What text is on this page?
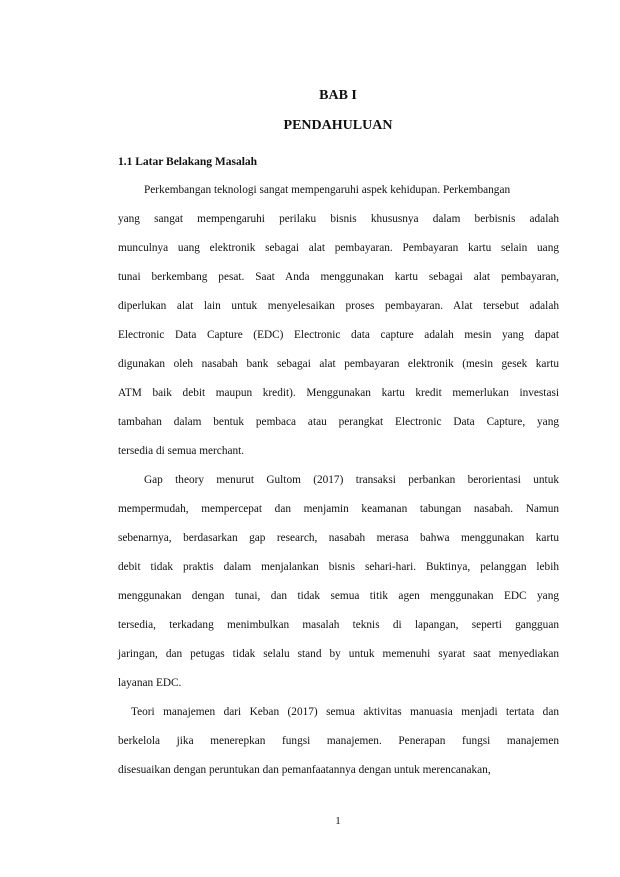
BAB I
PENDAHULUAN
1.1 Latar Belakang Masalah
Perkembangan teknologi sangat mempengaruhi aspek kehidupan. Perkembangan
yang sangat mempengaruhi perilaku bisnis khususnya dalam berbisnis adalah
munculnya uang elektronik sebagai alat pembayaran. Pembayaran kartu selain uang
tunai berkembang pesat. Saat Anda menggunakan kartu sebagai alat pembayaran,
diperlukan alat lain untuk menyelesaikan proses pembayaran. Alat tersebut adalah
Electronic Data Capture (EDC) Electronic data capture adalah mesin yang dapat
digunakan oleh nasabah bank sebagai alat pembayaran elektronik (mesin gesek kartu
ATM baik debit maupun kredit). Menggunakan kartu kredit memerlukan investasi
tambahan dalam bentuk pembaca atau perangkat Electronic Data Capture, yang
tersedia di semua merchant.
Gap theory menurut Gultom (2017) transaksi perbankan berorientasi untuk
mempermudah, mempercepat dan menjamin keamanan tabungan nasabah. Namun
sebenarnya, berdasarkan gap research, nasabah merasa bahwa menggunakan kartu
debit tidak praktis dalam menjalankan bisnis sehari-hari. Buktinya, pelanggan lebih
menggunakan dengan tunai, dan tidak semua titik agen menggunakan EDC yang
tersedia, terkadang menimbulkan masalah teknis di lapangan, seperti gangguan
jaringan, dan petugas tidak selalu stand by untuk memenuhi syarat saat menyediakan
layanan EDC.
Teori manajemen dari Keban (2017) semua aktivitas manuasia menjadi tertata dan
berkelola jika menerepkan fungsi manajemen. Penerapan fungsi manajemen
disesuaikan dengan peruntukan dan pemanfaatannya dengan untuk merencanakan,
1
